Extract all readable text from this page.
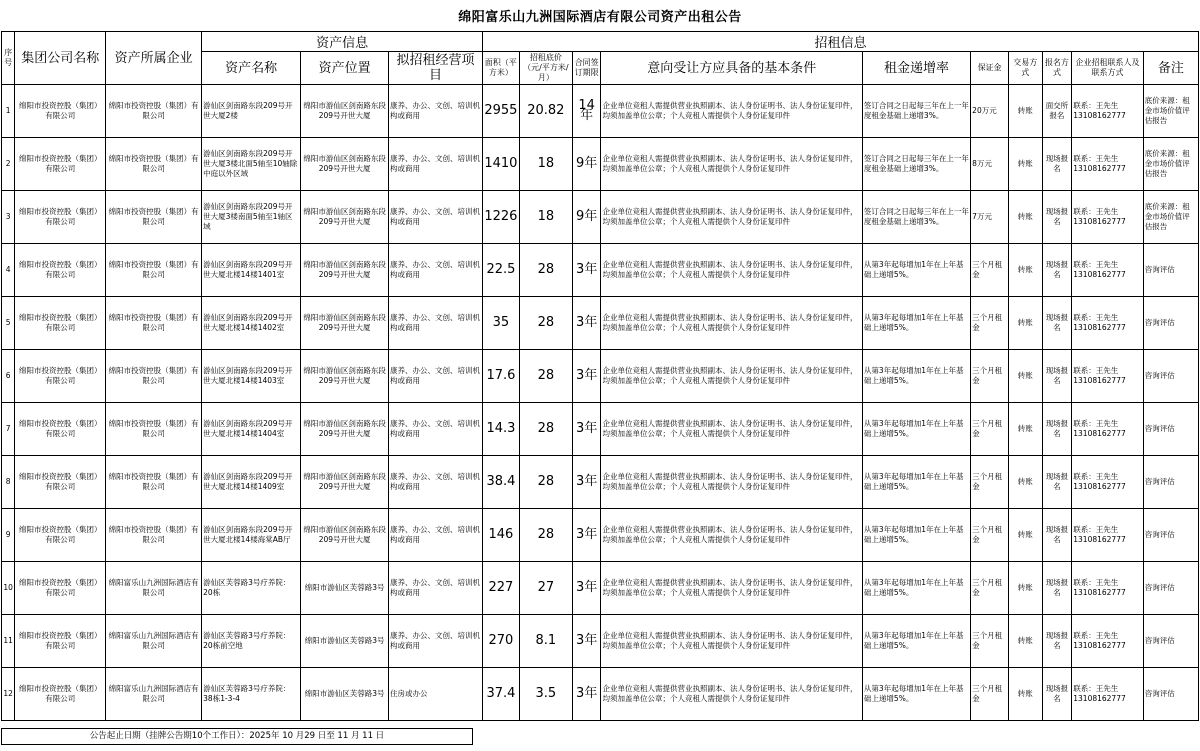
绵阳富乐山九洲国际酒店有限公司资产出租公告
序号	集团公司名称	资产所属企业	资产信息			招租信息									
			资产名称	资产位置	拟招租经营项目	面积（平方米）	招租底价（元/平方米/月）	合同签订期限	意向受让方应具备的基本条件	租金递增率	保证金	交易方式	报名方式	企业招租联系人及联系方式	备注
1	绵阳市投资控股（集团）有限公司	绵阳市投资控股（集团）有限公司	游仙区剑南路东段209号开世大厦2楼	绵阳市游仙区剑南路东段209号开世大厦	康养、办公、文创、培训机构或商用	2955	20.82	14年	企业单位竞租人需提供营业执照副本、法人身份证明书、法人身份证复印件，均须加盖单位公章；个人竞租人需提供个人身份证复印件	签订合同之日起每三年在上一年度租金基础上递增3%。	20万元	转账	面交所报名	联系：王先生13108162777	底价来源：租金市场价值评估报告
2	绵阳市投资控股（集团）有限公司	绵阳市投资控股（集团）有限公司	游仙区剑南路东段209号开世大厦3楼北面5轴至10轴除中庭以外区域	绵阳市游仙区剑南路东段209号开世大厦	康养、办公、文创、培训机构或商用	1410	18	9年	企业单位竞租人需提供营业执照副本、法人身份证明书、法人身份证复印件，均须加盖单位公章；个人竞租人需提供个人身份证复印件	签订合同之日起每三年在上一年度租金基础上递增3%。	8万元	转账	现场报名	联系：王先生13108162777	底价来源：租金市场价值评估报告
3	绵阳市投资控股（集团）有限公司	绵阳市投资控股（集团）有限公司	游仙区剑南路东段209号开世大厦3楼南面5轴至1轴区域	绵阳市游仙区剑南路东段209号开世大厦	康养、办公、文创、培训机构或商用	1226	18	9年	企业单位竞租人需提供营业执照副本、法人身份证明书、法人身份证复印件，均须加盖单位公章；个人竞租人需提供个人身份证复印件	签订合同之日起每三年在上一年度租金基础上递增3%。	7万元	转账	现场报名	联系：王先生13108162777	底价来源：租金市场价值评估报告
4	绵阳市投资控股（集团）有限公司	绵阳市投资控股（集团）有限公司	游仙区剑南路东段209号开世大厦北楼14楼1401室	绵阳市游仙区剑南路东段209号开世大厦	康养、办公、文创、培训机构或商用	22.5	28	3年	企业单位竞租人需提供营业执照副本、法人身份证明书、法人身份证复印件，均须加盖单位公章；个人竞租人需提供个人身份证复印件	从第3年起每增加1年在上年基础上递增5%。	三个月租金	转账	现场报名	联系：王先生13108162777	咨询评估
5	绵阳市投资控股（集团）有限公司	绵阳市投资控股（集团）有限公司	游仙区剑南路东段209号开世大厦北楼14楼1402室	绵阳市游仙区剑南路东段209号开世大厦	康养、办公、文创、培训机构或商用	35	28	3年	企业单位竞租人需提供营业执照副本、法人身份证明书、法人身份证复印件，均须加盖单位公章；个人竞租人需提供个人身份证复印件	从第3年起每增加1年在上年基础上递增5%。	三个月租金	转账	现场报名	联系：王先生13108162777	咨询评估
6	绵阳市投资控股（集团）有限公司	绵阳市投资控股（集团）有限公司	游仙区剑南路东段209号开世大厦北楼14楼1403室	绵阳市游仙区剑南路东段209号开世大厦	康养、办公、文创、培训机构或商用	17.6	28	3年	企业单位竞租人需提供营业执照副本、法人身份证明书、法人身份证复印件，均须加盖单位公章；个人竞租人需提供个人身份证复印件	从第3年起每增加1年在上年基础上递增5%。	三个月租金	转账	现场报名	联系：王先生13108162777	咨询评估
7	绵阳市投资控股（集团）有限公司	绵阳市投资控股（集团）有限公司	游仙区剑南路东段209号开世大厦北楼14楼1404室	绵阳市游仙区剑南路东段209号开世大厦	康养、办公、文创、培训机构或商用	14.3	28	3年	企业单位竞租人需提供营业执照副本、法人身份证明书、法人身份证复印件，均须加盖单位公章；个人竞租人需提供个人身份证复印件	从第3年起每增加1年在上年基础上递增5%。	三个月租金	转账	现场报名	联系：王先生13108162777	咨询评估
8	绵阳市投资控股（集团）有限公司	绵阳市投资控股（集团）有限公司	游仙区剑南路东段209号开世大厦北楼14楼1409室	绵阳市游仙区剑南路东段209号开世大厦	康养、办公、文创、培训机构或商用	38.4	28	3年	企业单位竞租人需提供营业执照副本、法人身份证明书、法人身份证复印件，均须加盖单位公章；个人竞租人需提供个人身份证复印件	从第3年起每增加1年在上年基础上递增5%。	三个月租金	转账	现场报名	联系：王先生13108162777	咨询评估
9	绵阳市投资控股（集团）有限公司	绵阳市投资控股（集团）有限公司	游仙区剑南路东段209号开世大厦北楼14楼海棠AB厅	绵阳市游仙区剑南路东段209号开世大厦	康养、办公、文创、培训机构或商用	146	28	3年	企业单位竞租人需提供营业执照副本、法人身份证明书、法人身份证复印件，均须加盖单位公章；个人竞租人需提供个人身份证复印件	从第3年起每增加1年在上年基础上递增5%。	三个月租金	转账	现场报名	联系：王先生13108162777	咨询评估
10	绵阳市投资控股（集团）有限公司	绵阳富乐山九洲国际酒店有限公司	游仙区芙蓉路3号疗养院：20栋	绵阳市游仙区芙蓉路3号	康养、办公、文创、培训机构或商用	227	27	3年	企业单位竞租人需提供营业执照副本、法人身份证明书、法人身份证复印件，均须加盖单位公章；个人竞租人需提供个人身份证复印件	从第3年起每增加1年在上年基础上递增5%。	三个月租金	转账	现场报名	联系：王先生13108162777	咨询评估
11	绵阳市投资控股（集团）有限公司	绵阳富乐山九洲国际酒店有限公司	游仙区芙蓉路3号疗养院：20栋前空地	绵阳市游仙区芙蓉路3号	康养、办公、文创、培训机构或商用	270	8.1	3年	企业单位竞租人需提供营业执照副本、法人身份证明书、法人身份证复印件，均须加盖单位公章；个人竞租人需提供个人身份证复印件	从第3年起每增加1年在上年基础上递增5%。	三个月租金	转账	现场报名	联系：王先生13108162777	咨询评估
12	绵阳市投资控股（集团）有限公司	绵阳富乐山九洲国际酒店有限公司	游仙区芙蓉路3号疗养院：38栋1-3-4	绵阳市游仙区芙蓉路3号	住房或办公	37.4	3.5	3年	企业单位竞租人需提供营业执照副本、法人身份证明书、法人身份证复印件，均须加盖单位公章；个人竞租人需提供个人身份证复印件	从第3年起每增加1年在上年基础上递增5%。	三个月租金	转账	现场报名	联系：王先生13108162777	咨询评估
公告起止日期（挂牌公告期10个工作日）：2025年 10 月29 日至 11 月 11 日
